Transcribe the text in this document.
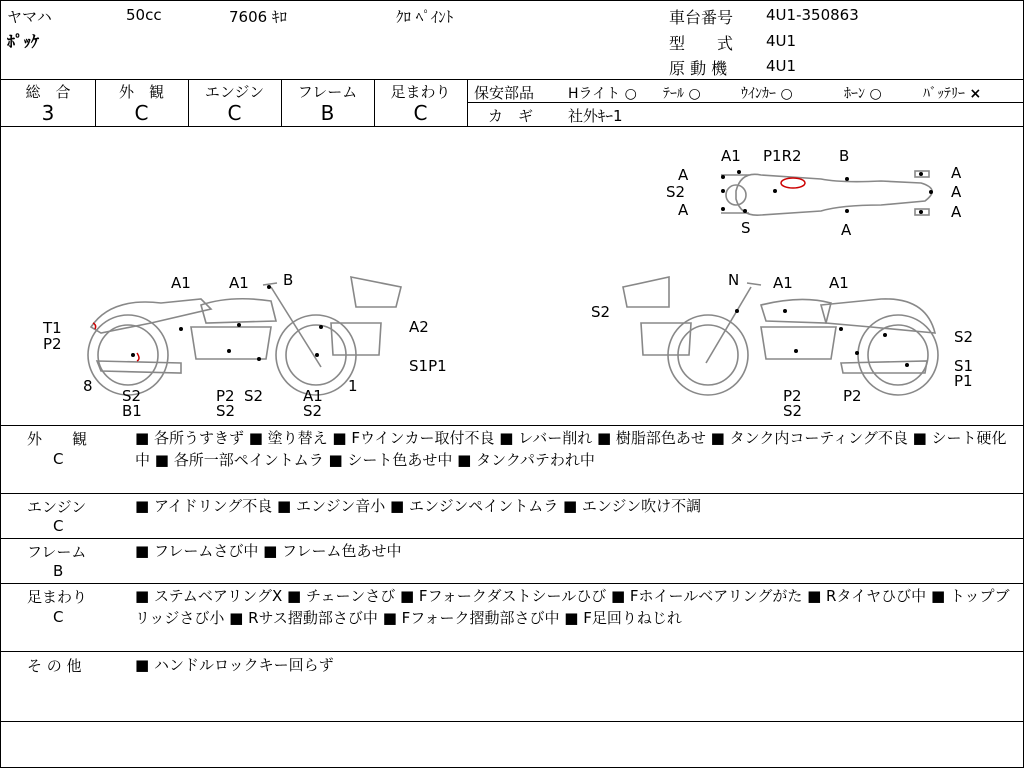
ヤマハ	50cc	7606 ｷﾛ	ｸﾛ ﾍﾟｲﾝﾄ
ﾎﾟｯｹ
車台番号 4U1-350863
型　　式 4U1
原 動 機	4U1
総　合
3
外　観
C
エンジン
C
フレーム
B
足まわり
C
保安部品 Hライト ○ ﾃｰﾙ ○	ｳｲﾝｶｰ ○	ﾎｰﾝ ○	ﾊﾞｯﾃﾘｰ ×
カ　ギ 社外ｷｰ1
A1 P1R2 B
A
S2
A
S	A
A
A
A
A1	A1 B
T1
P2
A2
S1P1
8
S2
B1
P2
S2
S2	A1
S2
1
N A1 A1
S2
S2
S1
P1
P2
S2
P2
外　　観
C
■ 各所うすきず ■ 塗り替え ■ Fウインカー取付不良 ■ レバー削れ ■ 樹脂部色あせ ■ タンク内コーティング不良 ■ シート硬化中 ■ 各所一部ペイントムラ ■ シート色あせ中 ■ タンクパテわれ中
エンジン
C
■ アイドリング不良 ■ エンジン音小 ■ エンジンペイントムラ ■ エンジン吹け不調
フレーム
B
■ フレームさび中 ■ フレーム色あせ中
足まわり
C
■ ステムベアリングX ■ チェーンさび ■ Fフォークダストシールひび ■ Fホイールベアリングがた ■ Rタイヤひび中 ■ トップブリッジさび小 ■ Rサス摺動部さび中 ■ Fフォーク摺動部さび中 ■ F足回りねじれ
そ の 他	■ ハンドルロックキー回らず
